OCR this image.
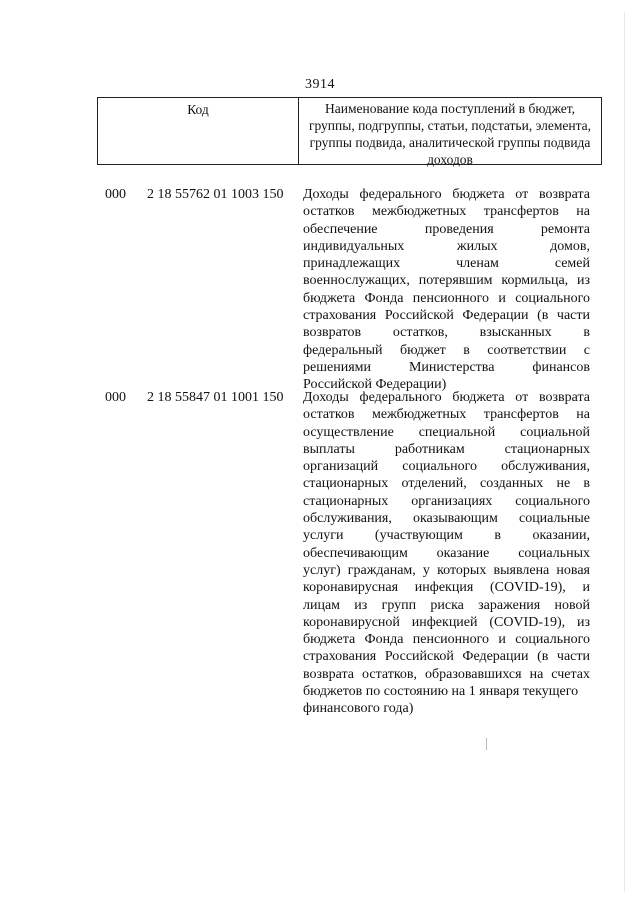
3914
Код	Наименование кода поступлений в бюджет, группы, подгруппы, статьи, подстатьи, элемента, группы подвида, аналитической группы подвида доходов
000 2 18 55762 01 1003 150 Доходы федерального бюджета от возврата
остатков межбюджетных трансфертов на
обеспечение проведения ремонта
индивидуальных жилых домов,
принадлежащих членам семей
военнослужащих, потерявшим кормильца, из
бюджета Фонда пенсионного и социального
страхования Российской Федерации (в части
возвратов остатков, взысканных в
федеральный бюджет в соответствии с
решениями Министерства финансов
Российской Федерации)
000 2 18 55847 01 1001 150 Доходы федерального бюджета от возврата
остатков межбюджетных трансфертов на
осуществление специальной социальной
выплаты работникам стационарных
организаций социального обслуживания,
стационарных отделений, созданных не в
стационарных организациях социального
обслуживания, оказывающим социальные
услуги (участвующим в оказании,
обеспечивающим оказание социальных
услуг) гражданам, у которых выявлена новая
коронавирусная инфекция (COVID-19), и
лицам из групп риска заражения новой
коронавирусной инфекцией (COVID-19), из
бюджета Фонда пенсионного и социального
страхования Российской Федерации (в части
возврата остатков, образовавшихся на счетах
бюджетов по состоянию на 1 января текущего
финансового года)
